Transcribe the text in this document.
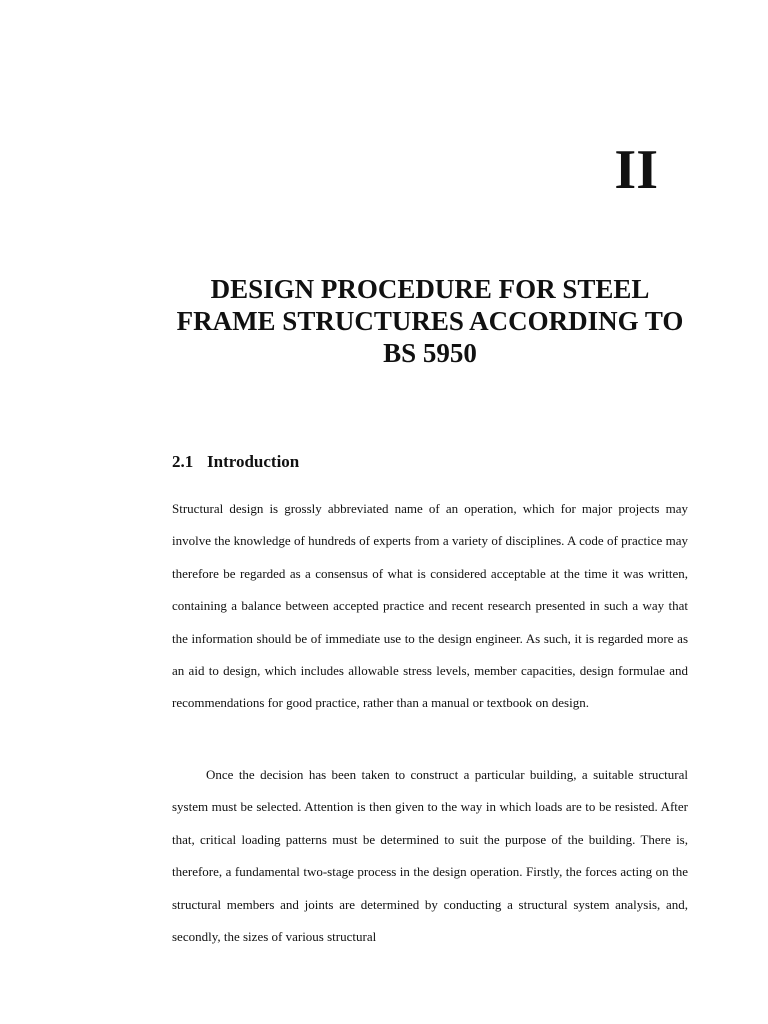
II
DESIGN PROCEDURE FOR STEEL FRAME STRUCTURES ACCORDING TO BS 5950
2.1 Introduction

Structural design is grossly abbreviated name of an operation, which for major projects may involve the knowledge of hundreds of experts from a variety of disciplines. A code of practice may therefore be regarded as a consensus of what is considered acceptable at the time it was written, containing a balance between accepted practice and recent research presented in such a way that the information should be of immediate use to the design engineer. As such, it is regarded more as an aid to design, which includes allowable stress levels, member capacities, design formulae and recommendations for good practice, rather than a manual or textbook on design.

Once the decision has been taken to construct a particular building, a suitable structural system must be selected. Attention is then given to the way in which loads are to be resisted. After that, critical loading patterns must be determined to suit the purpose of the building. There is, therefore, a fundamental two-stage process in the design operation. Firstly, the forces acting on the structural members and joints are determined by conducting a structural system analysis, and, secondly, the sizes of various structural
